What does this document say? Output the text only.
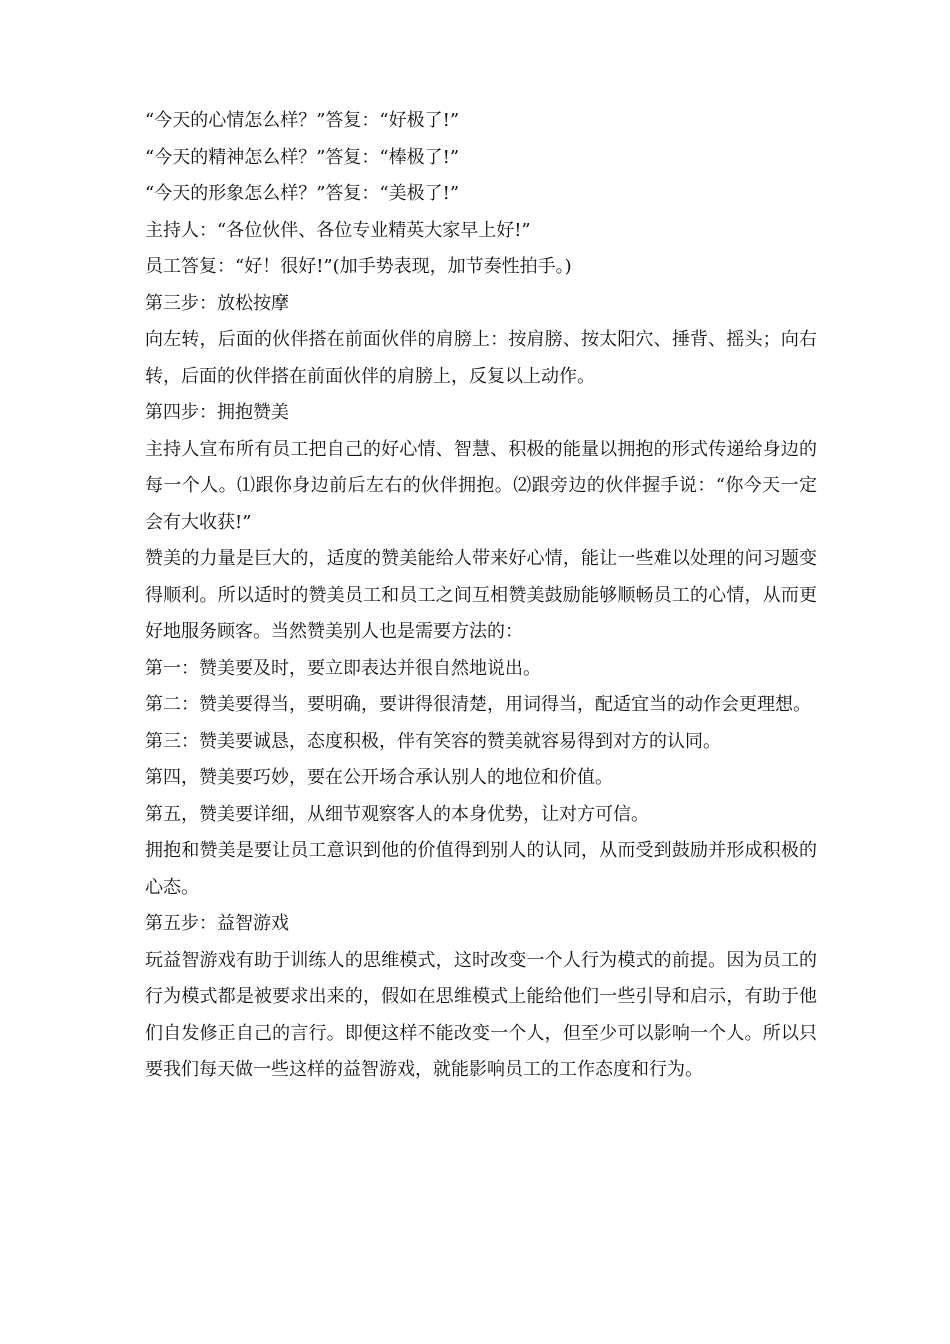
“今天的心情怎么样？”答复：“好极了!”

“今天的精神怎么样？”答复：“棒极了!”

“今天的形象怎么样？”答复：“美极了!”

主持人：“各位伙伴、各位专业精英大家早上好!”

员工答复：“好！很好!”(加手势表现，加节奏性拍手。)

第三步：放松按摩

向左转，后面的伙伴搭在前面伙伴的肩膀上：按肩膀、按太阳穴、捶背、摇头；向右转，后面的伙伴搭在前面伙伴的肩膀上，反复以上动作。

第四步：拥抱赞美

主持人宣布所有员工把自己的好心情、智慧、积极的能量以拥抱的形式传递给身边的每一个人。⑴跟你身边前后左右的伙伴拥抱。⑵跟旁边的伙伴握手说：“你今天一定会有大收获!”

赞美的力量是巨大的，适度的赞美能给人带来好心情，能让一些难以处理的问习题变得顺利。所以适时的赞美员工和员工之间互相赞美鼓励能够顺畅员工的心情，从而更好地服务顾客。当然赞美别人也是需要方法的：

第一：赞美要及时，要立即表达并很自然地说出。

第二：赞美要得当，要明确，要讲得很清楚，用词得当，配适宜当的动作会更理想。

第三：赞美要诚恳，态度积极，伴有笑容的赞美就容易得到对方的认同。

第四，赞美要巧妙，要在公开场合承认别人的地位和价值。

第五，赞美要详细，从细节观察客人的本身优势，让对方可信。

拥抱和赞美是要让员工意识到他的价值得到别人的认同，从而受到鼓励并形成积极的心态。

第五步：益智游戏

玩益智游戏有助于训练人的思维模式，这时改变一个人行为模式的前提。因为员工的行为模式都是被要求出来的，假如在思维模式上能给他们一些引导和启示，有助于他们自发修正自己的言行。即便这样不能改变一个人，但至少可以影响一个人。所以只要我们每天做一些这样的益智游戏，就能影响员工的工作态度和行为。
